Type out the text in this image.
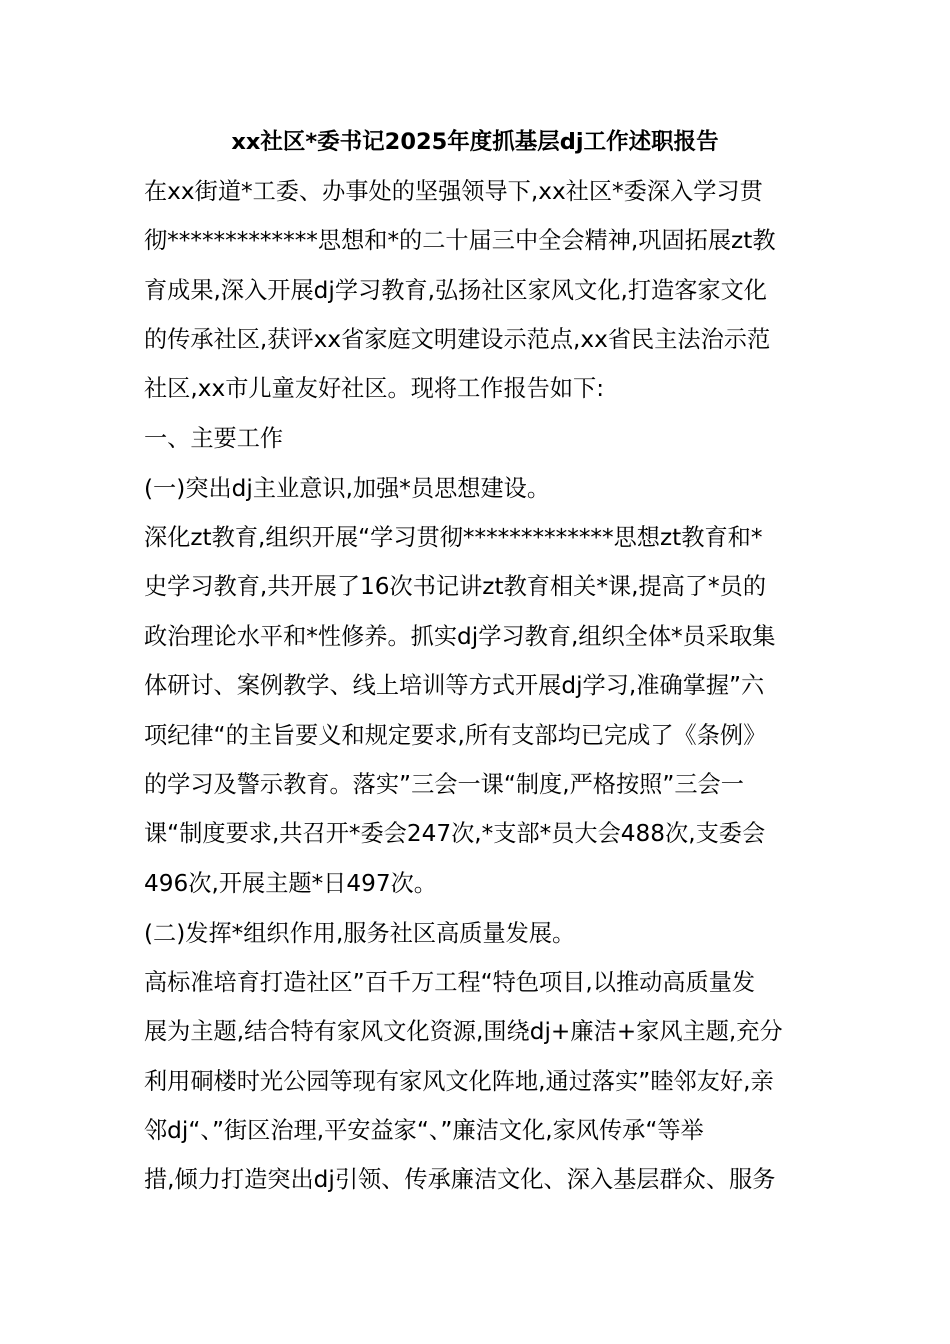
xx社区*委书记2025年度抓基层dj工作述职报告
在xx街道*工委、办事处的坚强领导下,xx社区*委深入学习贯
彻*************思想和*的二十届三中全会精神,巩固拓展zt教
育成果,深入开展dj学习教育,弘扬社区家风文化,打造客家文化
的传承社区,获评xx省家庭文明建设示范点,xx省民主法治示范
社区,xx市儿童友好社区。现将工作报告如下:
一、主要工作
(一)突出dj主业意识,加强*员思想建设。
深化zt教育,组织开展“学习贯彻*************思想zt教育和*
史学习教育,共开展了16次书记讲zt教育相关*课,提高了*员的
政治理论水平和*性修养。抓实dj学习教育,组织全体*员采取集
体研讨、案例教学、线上培训等方式开展dj学习,准确掌握”六
项纪律“的主旨要义和规定要求,所有支部均已完成了《条例》
的学习及警示教育。落实”三会一课“制度,严格按照”三会一
课“制度要求,共召开*委会247次,*支部*员大会488次,支委会
496次,开展主题*日497次。
(二)发挥*组织作用,服务社区高质量发展。
高标准培育打造社区”百千万工程“特色项目,以推动高质量发
展为主题,结合特有家风文化资源,围绕dj+廉洁+家风主题,充分
利用硐楼时光公园等现有家风文化阵地,通过落实”睦邻友好,亲
邻dj“、”街区治理,平安益家“、”廉洁文化,家风传承“等举
措,倾力打造突出dj引领、传承廉洁文化、深入基层群众、服务
